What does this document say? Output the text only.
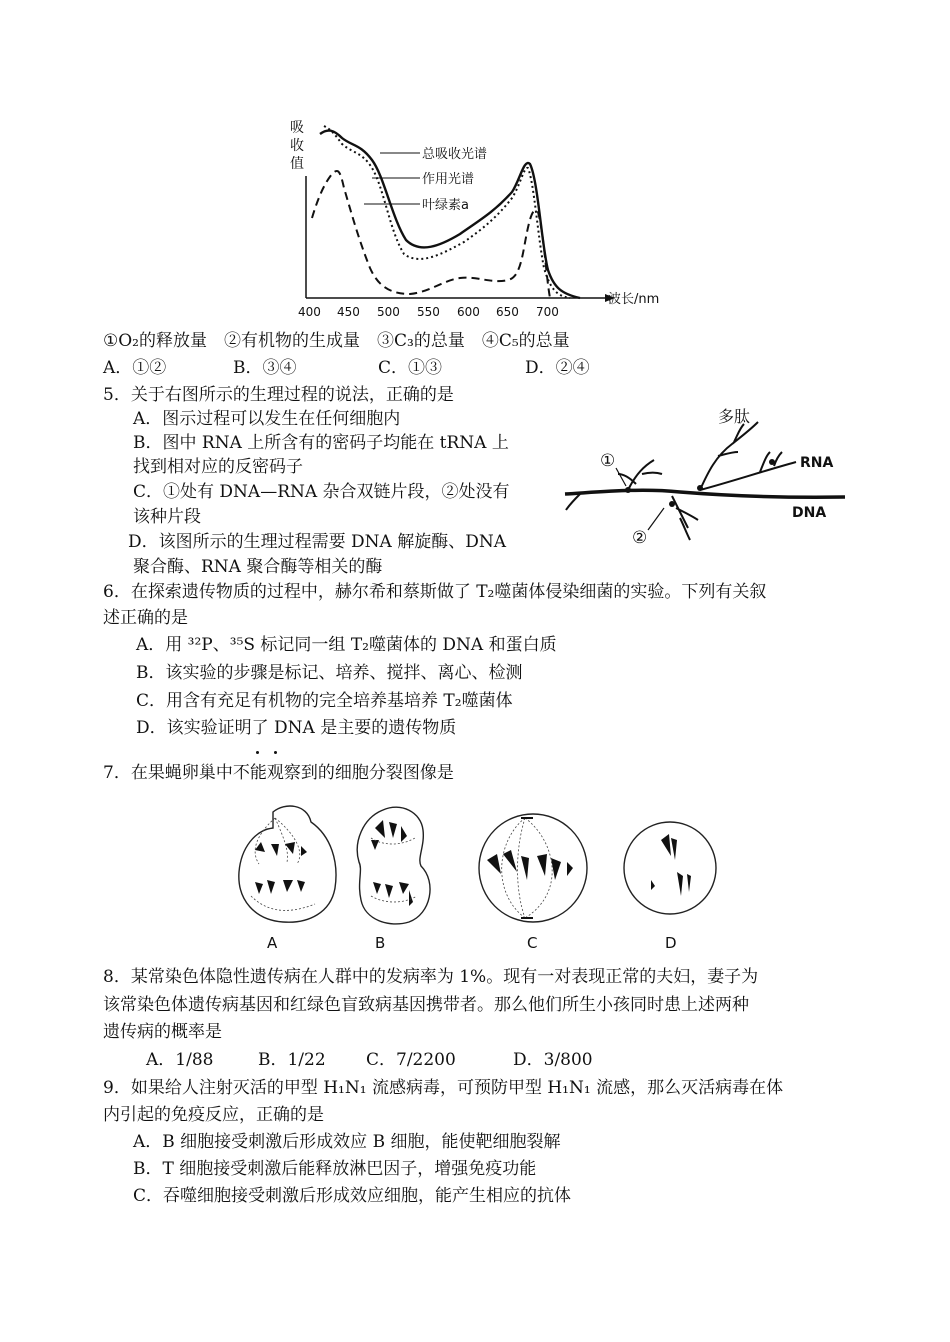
吸
收
值
400 450 500 550 600 650 700
波长/nm
总吸收光谱
作用光谱
叶绿素a
①O₂的释放量　②有机物的生成量　③C₃的总量　④C₅的总量
A．①②	B．③④	C．①③	D．②④
5．关于右图所示的生理过程的说法，正确的是
A．图示过程可以发生在任何细胞内
B．图中 RNA 上所含有的密码子均能在 tRNA 上
找到相对应的反密码子
C．①处有 DNA—RNA 杂合双链片段，②处没有
该种片段
D．该图所示的生理过程需要 DNA 解旋酶、DNA
聚合酶、RNA 聚合酶等相关的酶
多肽
RNA
DNA
①
②
6．在探索遗传物质的过程中，赫尔希和蔡斯做了 T₂噬菌体侵染细菌的实验。下列有关叙
述正确的是
A．用 ³²P、³⁵S 标记同一组 T₂噬菌体的 DNA 和蛋白质
B．该实验的步骤是标记、培养、搅拌、离心、检测
C．用含有充足有机物的完全培养基培养 T₂噬菌体
D．该实验证明了 DNA 是主要的遗传物质
7．在果蝇卵巢中不能观察到的细胞分裂图像是
A	B	C	D
8．某常染色体隐性遗传病在人群中的发病率为 1%。现有一对表现正常的夫妇，妻子为
该常染色体遗传病基因和红绿色盲致病基因携带者。那么他们所生小孩同时患上述两种
遗传病的概率是
A．1/88	B．1/22 C．7/2200	D．3/800
9．如果给人注射灭活的甲型 H₁N₁ 流感病毒，可预防甲型 H₁N₁ 流感，那么灭活病毒在体
内引起的免疫反应，正确的是
A．B 细胞接受刺激后形成效应 B 细胞，能使靶细胞裂解
B．T 细胞接受刺激后能释放淋巴因子，增强免疫功能
C．吞噬细胞接受刺激后形成效应细胞，能产生相应的抗体
